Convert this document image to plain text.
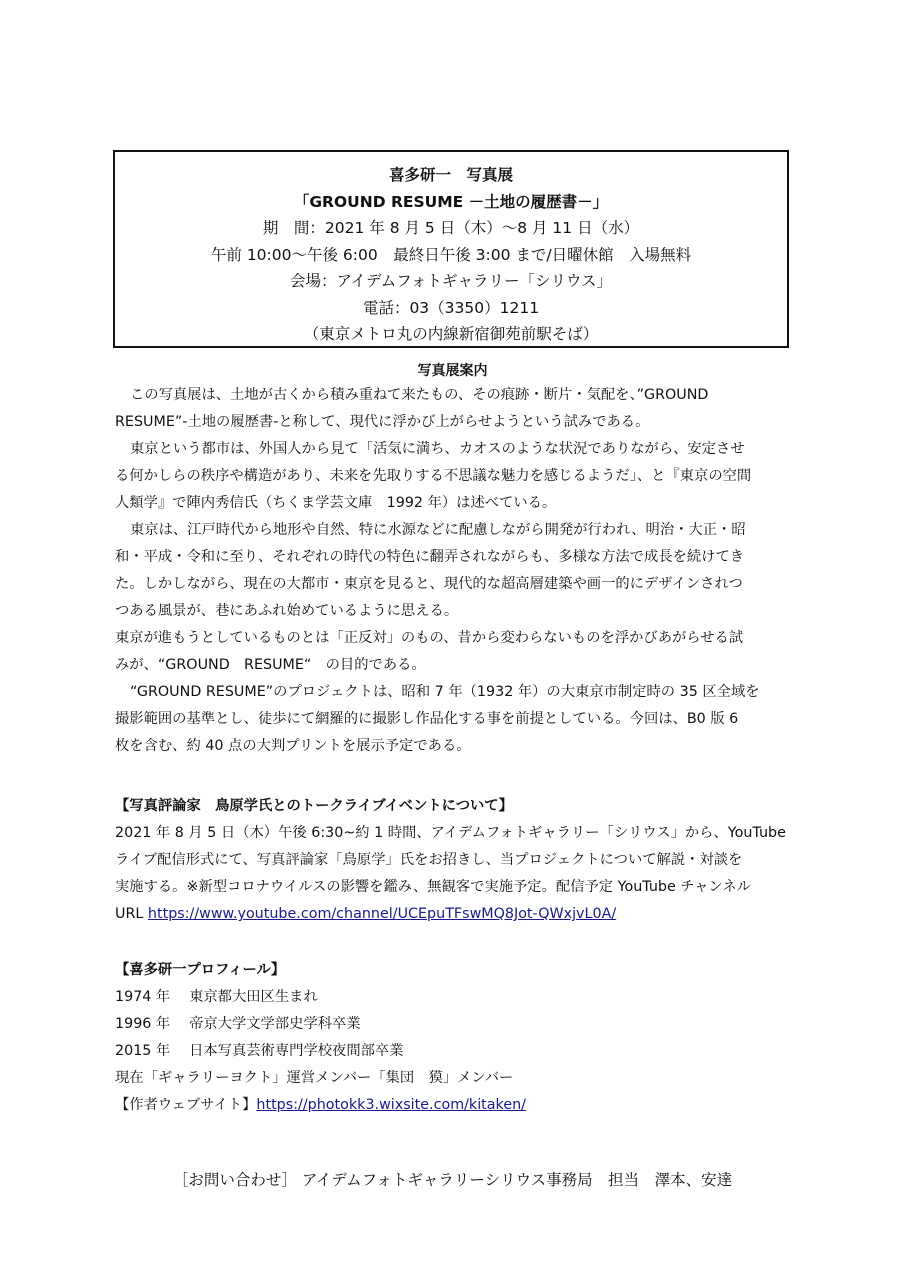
喜多研一　写真展
「GROUND RESUME －土地の履歴書－」
期　間：2021 年 8 月 5 日（木）～8 月 11 日（水）
午前 10:00～午後 6:00　最終日午後 3:00 まで/日曜休館　入場無料
会場：アイデムフォトギャラリー「シリウス」
電話：03（3350）1211
（東京メトロ丸の内線新宿御苑前駅そば）
写真展案内
この写真展は、土地が古くから積み重ねて来たもの、その痕跡・断片・気配を、”GROUND
RESUME”-土地の履歴書-と称して、現代に浮かび上がらせようという試みである。
東京という都市は、外国人から見て「活気に満ち、カオスのような状況でありながら、安定させ
る何かしらの秩序や構造があり、未来を先取りする不思議な魅力を感じるようだ」、と『東京の空間
人類学』で陣内秀信氏（ちくま学芸文庫　1992 年）は述べている。
東京は、江戸時代から地形や自然、特に水源などに配慮しながら開発が行われ、明治・大正・昭
和・平成・令和に至り、それぞれの時代の特色に翻弄されながらも、多様な方法で成長を続けてき
た。しかしながら、現在の大都市・東京を見ると、現代的な超高層建築や画一的にデザインされつ
つある風景が、巷にあふれ始めているように思える。
東京が進もうとしているものとは「正反対」のもの、昔から変わらないものを浮かびあがらせる試
みが、“GROUND　RESUME“　の目的である。
“GROUND RESUME”のプロジェクトは、昭和 7 年（1932 年）の大東京市制定時の 35 区全域を
撮影範囲の基準とし、徒歩にて網羅的に撮影し作品化する事を前提としている。今回は、B0 版 6
枚を含む、約 40 点の大判プリントを展示予定である。
【写真評論家　鳥原学氏とのトークライブイベントについて】
2021 年 8 月 5 日（木）午後 6:30~約 1 時間、アイデムフォトギャラリー「シリウス」から、YouTube
ライブ配信形式にて、写真評論家「鳥原学」氏をお招きし、当プロジェクトについて解説・対談を
実施する。※新型コロナウイルスの影響を鑑み、無観客で実施予定。配信予定 YouTube チャンネル
URL https://www.youtube.com/channel/UCEpuTFswMQ8Jot-QWxjvL0A/
【喜多研一プロフィール】
1974 年　 東京都大田区生まれ
1996 年　 帝京大学文学部史学科卒業
2015 年　 日本写真芸術専門学校夜間部卒業
現在「ギャラリーヨクト」運営メンバー「集団　獏」メンバー
【作者ウェブサイト】https://photokk3.wixsite.com/kitaken/
［お問い合わせ］ アイデムフォトギャラリーシリウス事務局　担当　澤本、安達
